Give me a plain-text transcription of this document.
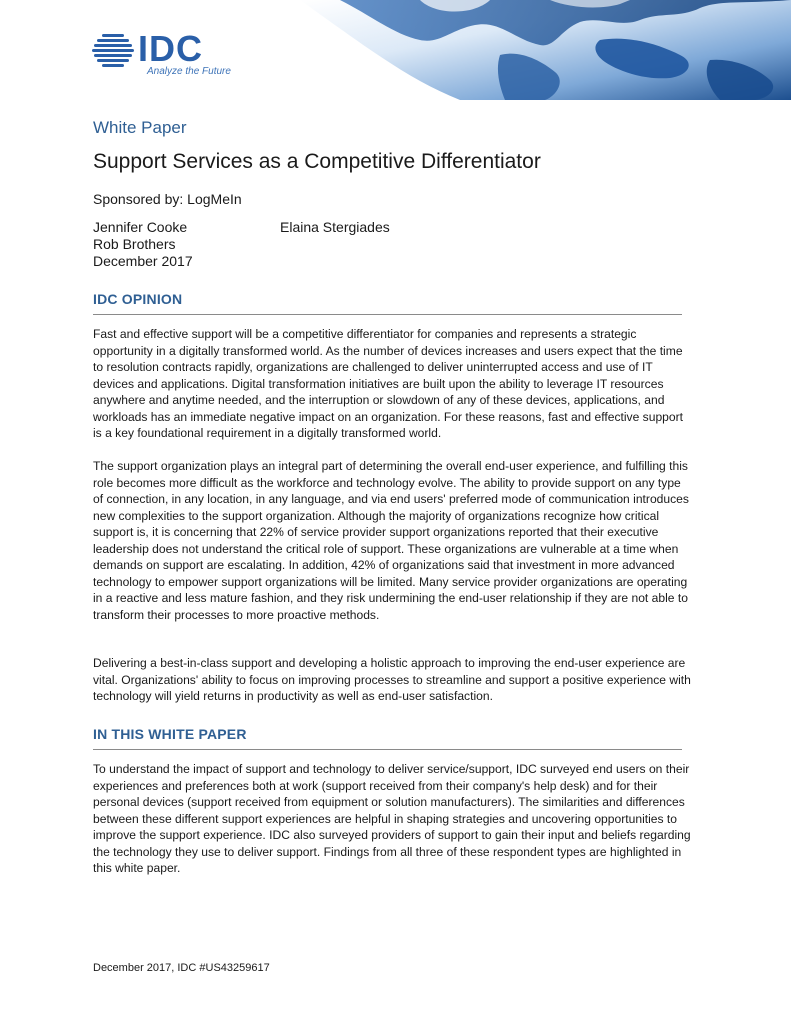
IDC
Analyze the Future
White Paper
Support Services as a Competitive Differentiator
Sponsored by: LogMeIn
Jennifer Cooke
Rob Brothers
December 2017
Elaina Stergiades
IDC OPINION

Fast and effective support will be a competitive differentiator for companies and represents a strategic opportunity in a digitally transformed world. As the number of devices increases and users expect that the time to resolution contracts rapidly, organizations are challenged to deliver uninterrupted access and use of IT devices and applications. Digital transformation initiatives are built upon the ability to leverage IT resources anywhere and anytime needed, and the interruption or slowdown of any of these devices, applications, and workloads has an immediate negative impact on an organization. For these reasons, fast and effective support is a key foundational requirement in a digitally transformed world.

The support organization plays an integral part of determining the overall end-user experience, and fulfilling this role becomes more difficult as the workforce and technology evolve. The ability to provide support on any type of connection, in any location, in any language, and via end users' preferred mode of communication introduces new complexities to the support organization. Although the majority of organizations recognize how critical support is, it is concerning that 22% of service provider support organizations reported that their executive leadership does not understand the critical role of support. These organizations are vulnerable at a time when demands on support are escalating. In addition, 42% of organizations said that investment in more advanced technology to empower support organizations will be limited. Many service provider organizations are operating in a reactive and less mature fashion, and they risk undermining the end-user relationship if they are not able to transform their processes to more proactive methods.

Delivering a best-in-class support and developing a holistic approach to improving the end-user experience are vital. Organizations' ability to focus on improving processes to streamline and support a positive experience with technology will yield returns in productivity as well as end-user satisfaction.

IN THIS WHITE PAPER

To understand the impact of support and technology to deliver service/support, IDC surveyed end users on their experiences and preferences both at work (support received from their company's help desk) and for their personal devices (support received from equipment or solution manufacturers). The similarities and differences between these different support experiences are helpful in shaping strategies and uncovering opportunities to improve the support experience. IDC also surveyed providers of support to gain their input and beliefs regarding the technology they use to deliver support. Findings from all three of these respondent types are highlighted in this white paper.

December 2017, IDC #US43259617
